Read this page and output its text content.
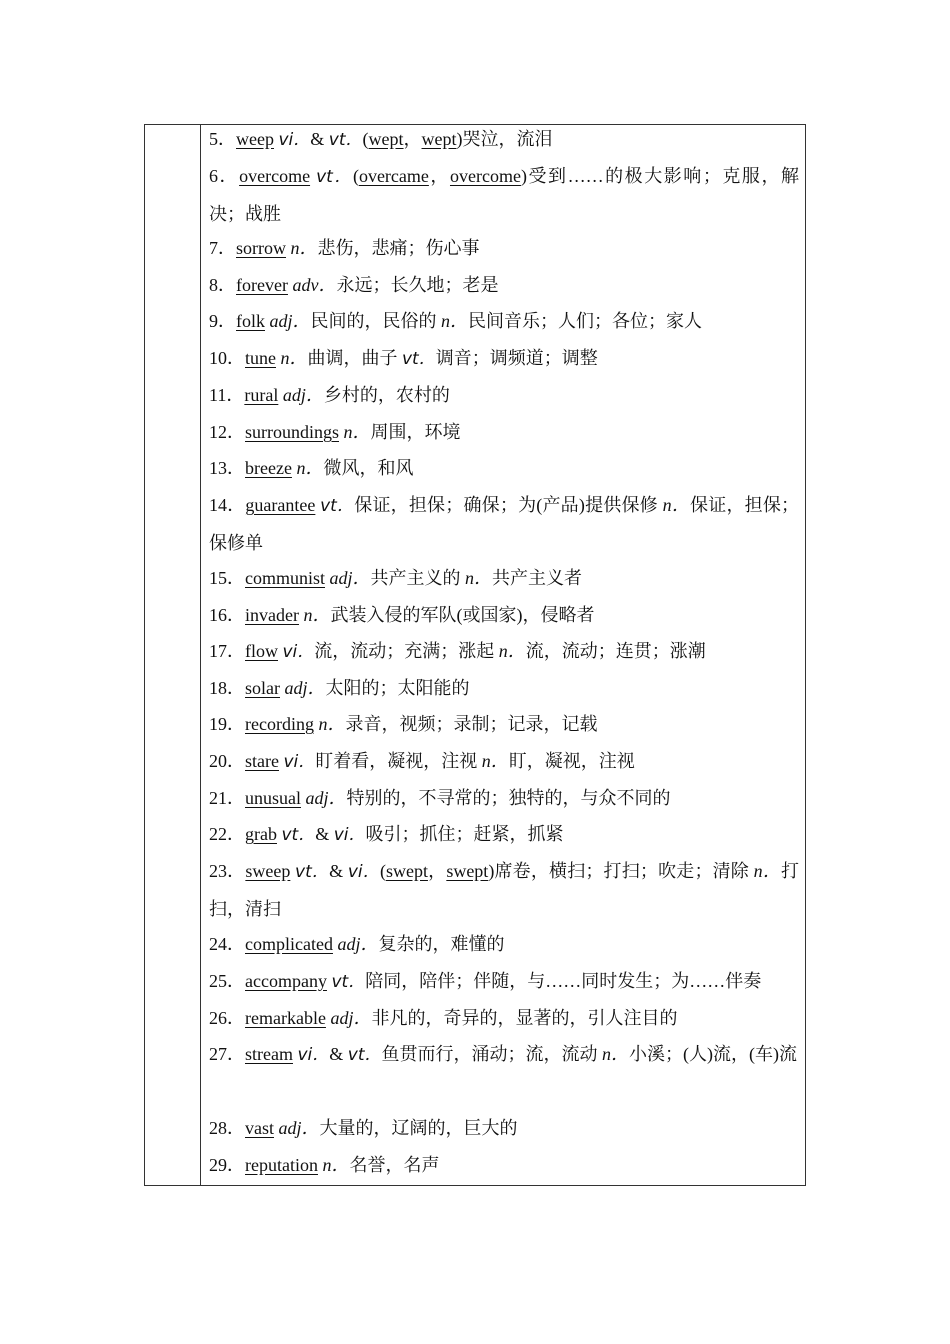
5．weep vi．& vt．(wept，wept)哭泣，流泪
6．overcome vt．(overcame，overcome)受到……的极大影响；克服，解决；战胜
7．sorrow n．悲伤，悲痛；伤心事
8．forever adv．永远；长久地；老是
9．folk adj．民间的，民俗的 n．民间音乐；人们；各位；家人
10．tune n．曲调，曲子 vt．调音；调频道；调整
11．rural adj．乡村的，农村的
12．surroundings n．周围，环境
13．breeze n．微风，和风
14．guarantee vt．保证，担保；确保；为(产品)提供保修 n．保证，担保；保修单
15．communist adj．共产主义的 n．共产主义者
16．invader n．武装入侵的军队(或国家)，侵略者
17．flow vi．流，流动；充满；涨起 n．流，流动；连贯；涨潮
18．solar adj．太阳的；太阳能的
19．recording n．录音，视频；录制；记录，记载
20．stare vi．盯着看，凝视，注视 n．盯，凝视，注视
21．unusual adj．特别的，不寻常的；独特的，与众不同的
22．grab vt．& vi．吸引；抓住；赶紧，抓紧
23．sweep vt．& vi．(swept，swept)席卷，横扫；打扫；吹走；清除 n．打扫，清扫
24．complicated adj．复杂的，难懂的
25．accompany vt．陪同，陪伴；伴随，与……同时发生；为……伴奏
26．remarkable adj．非凡的，奇异的，显著的，引人注目的
27．stream vi．& vt．鱼贯而行，涌动；流，流动 n．小溪；(人)流，(车)流
28．vast adj．大量的，辽阔的，巨大的
29．reputation n．名誉，名声
